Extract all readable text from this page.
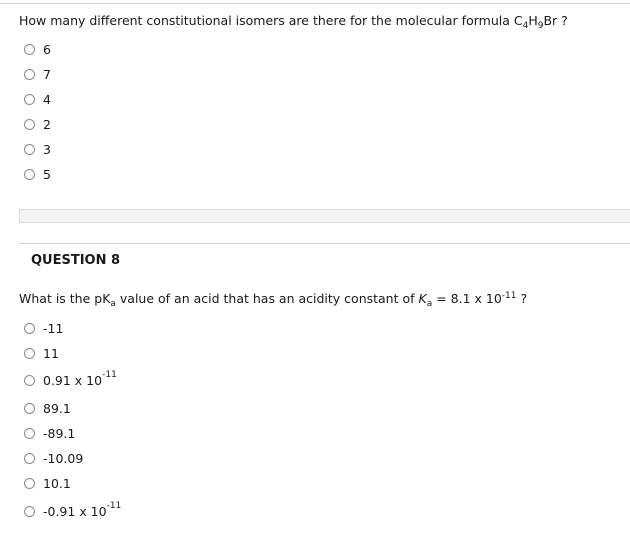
How many different constitutional isomers are there for the molecular formula $C_4H_9Br$ ?
6
7
4
2
3
5
QUESTION 8
What is the $pK_a$ value of an acid that has an acidity constant of $K_a = 8.1$ x $10^{-11}$ ?
-11
11
0.91 x 10 -11
89.1
-89.1
-10.09
10.1
-0.91 x 10 -11
